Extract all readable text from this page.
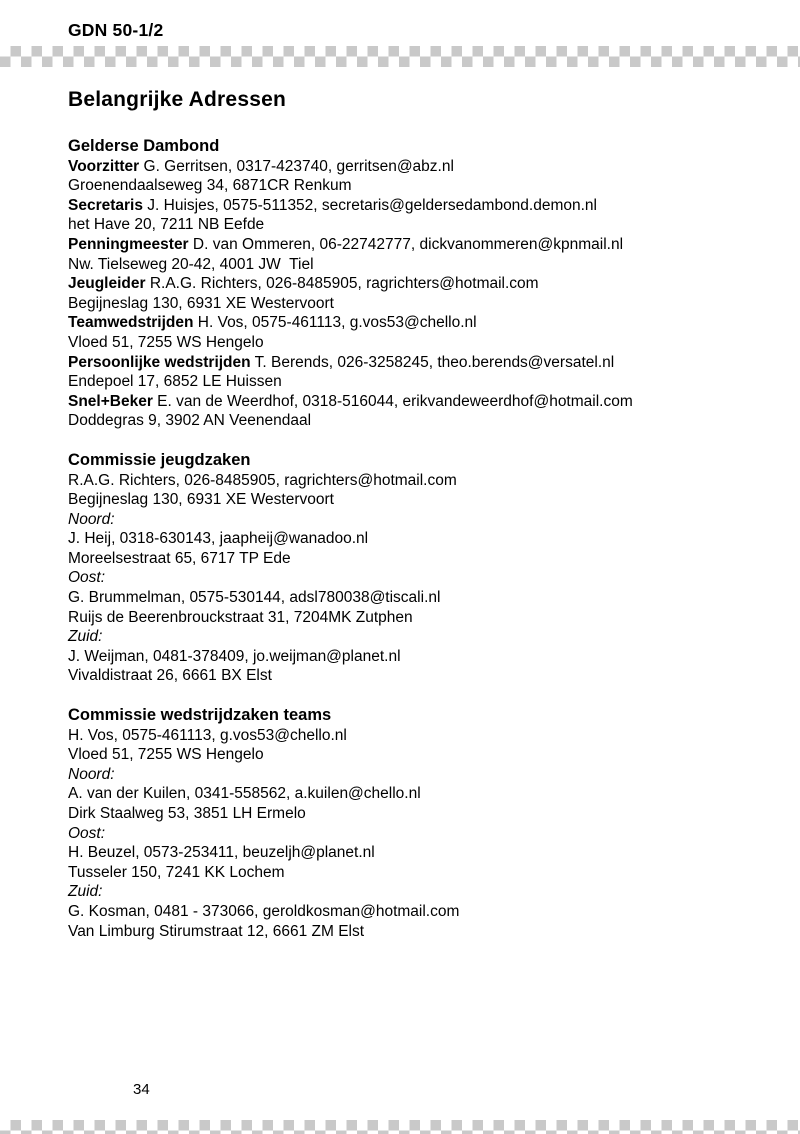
GDN 50-1/2
Belangrijke Adressen
Gelderse Dambond
Voorzitter G. Gerritsen, 0317-423740, gerritsen@abz.nl
Groenendaalseweg 34, 6871CR Renkum
Secretaris J. Huisjes, 0575-511352, secretaris@geldersedambond.demon.nl
het Have 20, 7211 NB Eefde
Penningmeester D. van Ommeren, 06-22742777, dickvanommeren@kpnmail.nl
Nw. Tielseweg 20-42, 4001 JW  Tiel
Jeugleider R.A.G. Richters, 026-8485905, ragrichters@hotmail.com
Begijneslag 130, 6931 XE Westervoort
Teamwedstrijden H. Vos, 0575-461113, g.vos53@chello.nl
Vloed 51, 7255 WS Hengelo
Persoonlijke wedstrijden T. Berends, 026-3258245, theo.berends@versatel.nl
Endepoel 17, 6852 LE Huissen
Snel+Beker E. van de Weerdhof, 0318-516044, erikvandeweerdhof@hotmail.com
Doddegras 9, 3902 AN Veenendaal
Commissie jeugdzaken
R.A.G. Richters, 026-8485905, ragrichters@hotmail.com
Begijneslag 130, 6931 XE Westervoort
Noord:
J. Heij, 0318-630143, jaapheij@wanadoo.nl
Moreelsestraat 65, 6717 TP Ede
Oost:
G. Brummelman, 0575-530144, adsl780038@tiscali.nl
Ruijs de Beerenbrouckstraat 31, 7204MK Zutphen
Zuid:
J. Weijman, 0481-378409, jo.weijman@planet.nl
Vivaldistraat 26, 6661 BX Elst
Commissie wedstrijdzaken teams
H. Vos, 0575-461113, g.vos53@chello.nl
Vloed 51, 7255 WS Hengelo
Noord:
A. van der Kuilen, 0341-558562, a.kuilen@chello.nl
Dirk Staalweg 53, 3851 LH Ermelo
Oost:
H. Beuzel, 0573-253411, beuzeljh@planet.nl
Tusseler 150, 7241 KK Lochem
Zuid:
G. Kosman, 0481 - 373066, geroldkosman@hotmail.com
Van Limburg Stirumstraat 12, 6661 ZM Elst
34
